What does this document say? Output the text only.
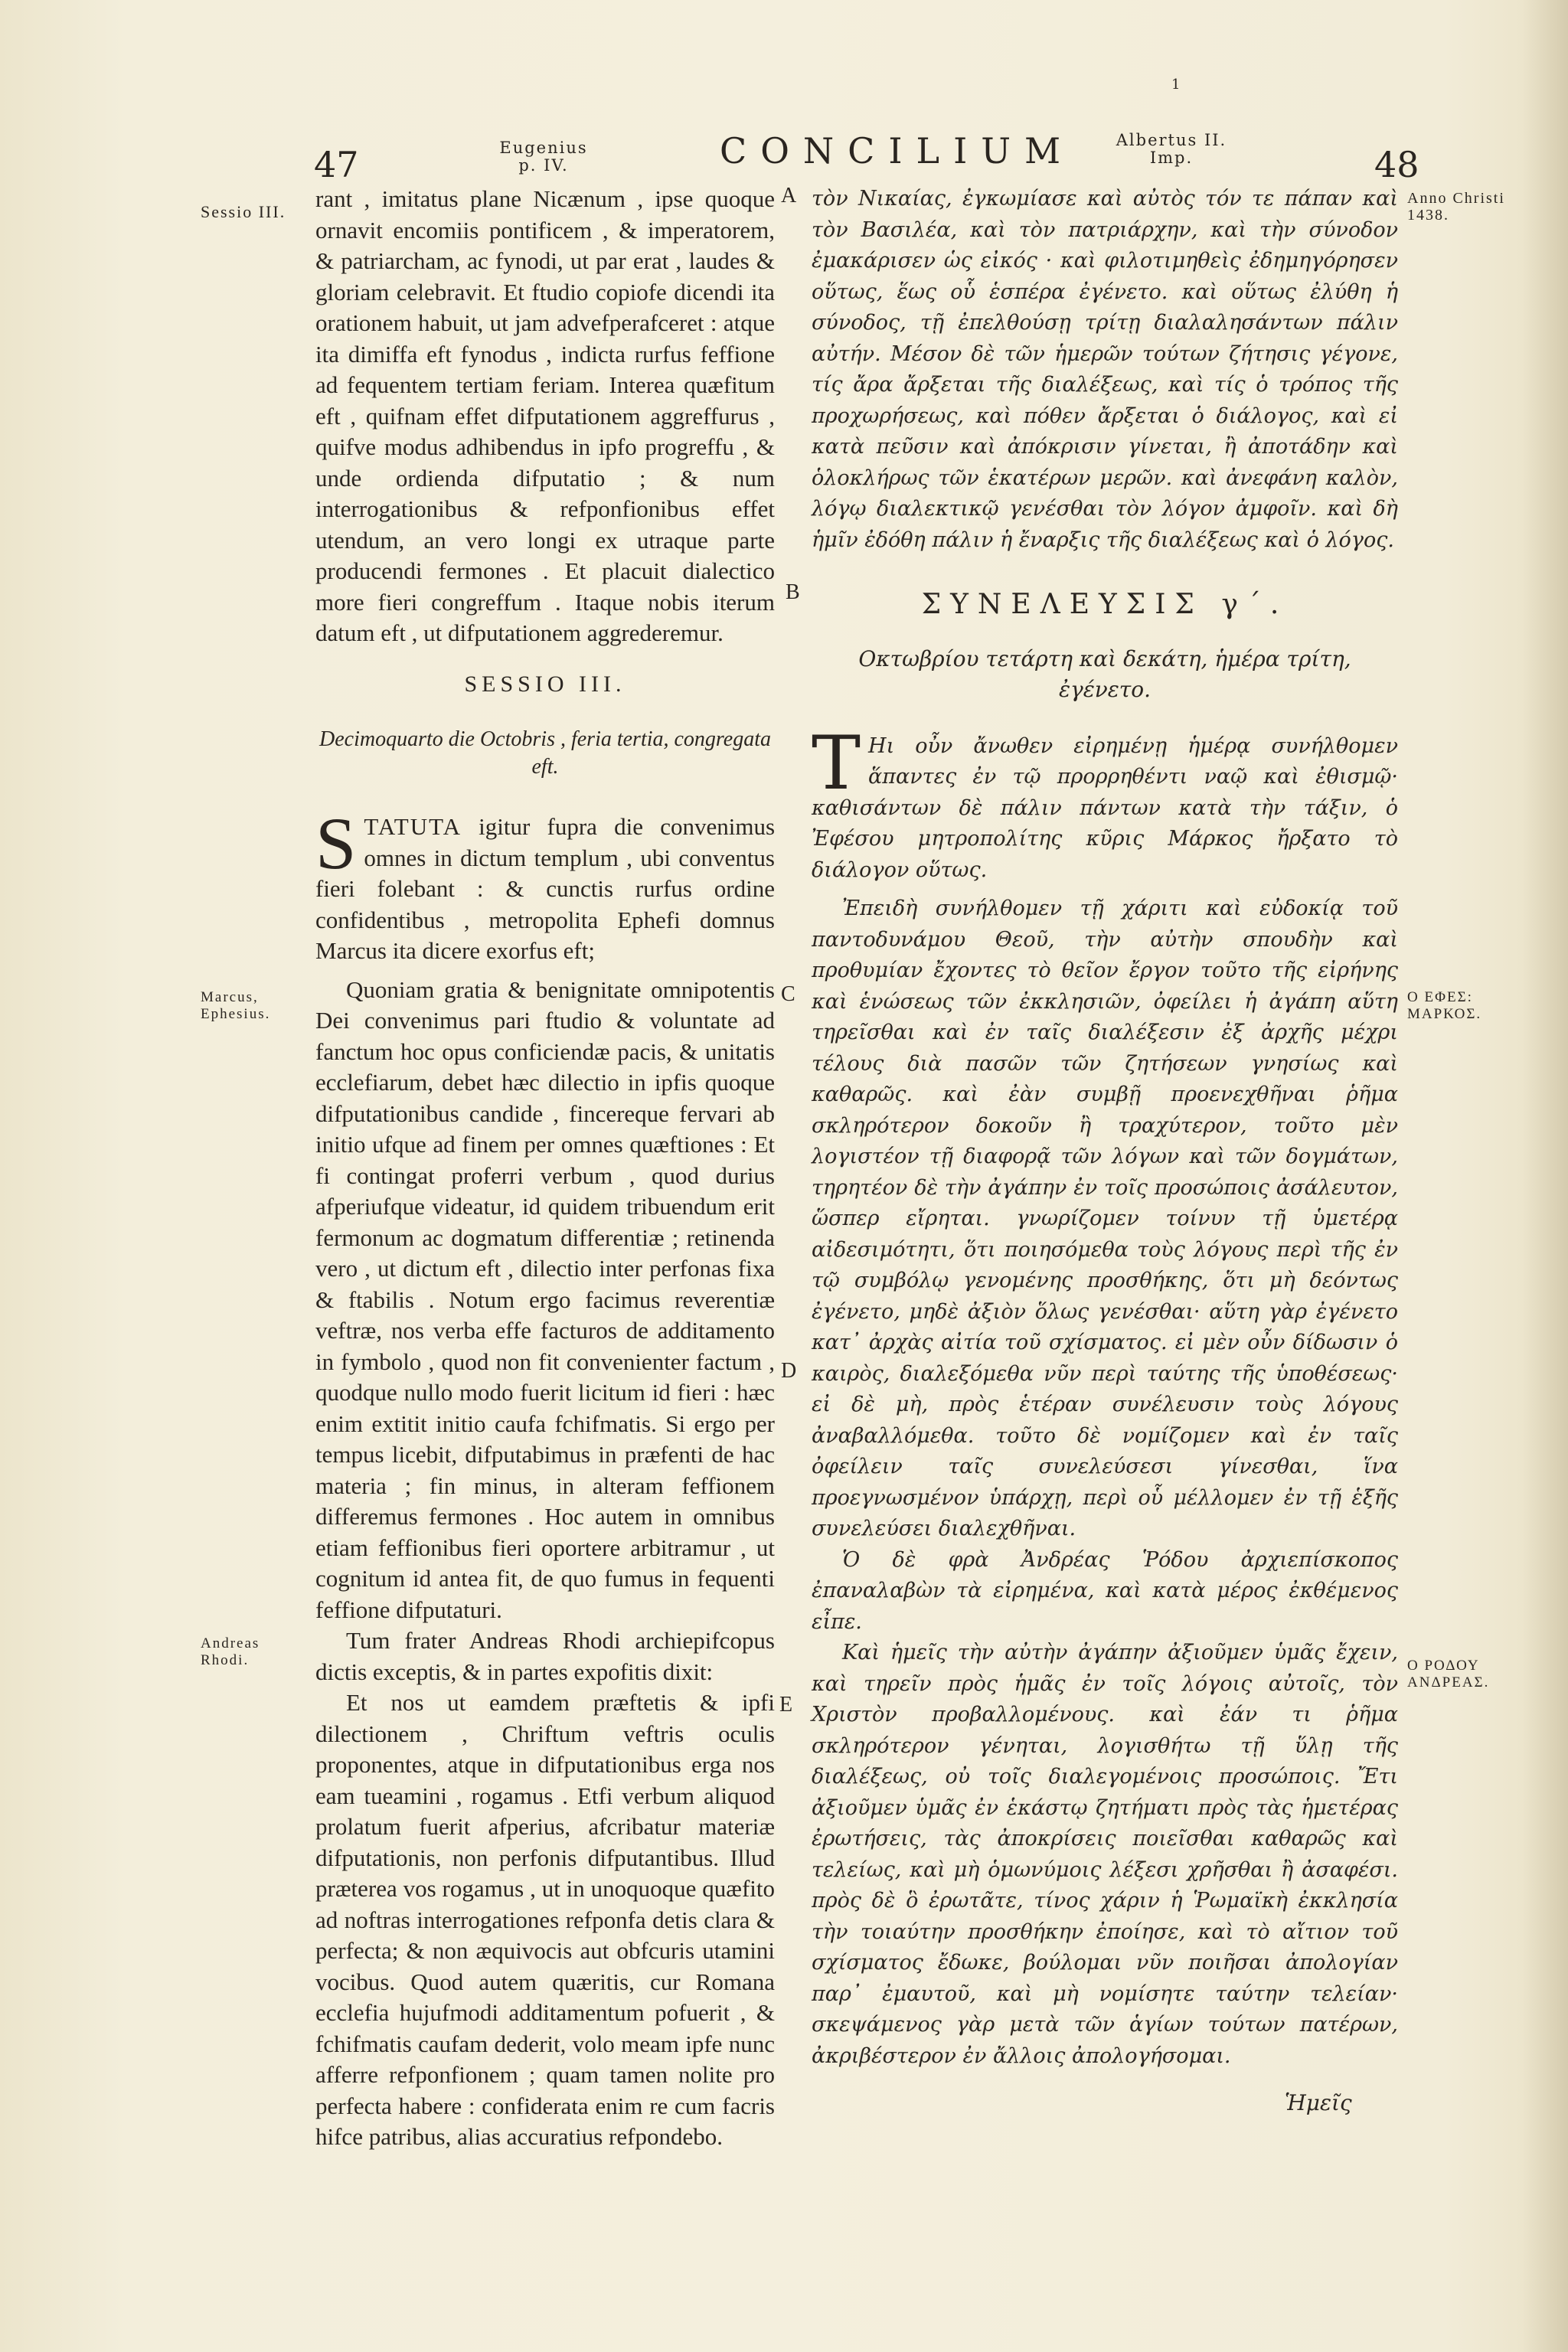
47	Eugenius p. IV.	CONCILIUM	Albertus II. Imp.	48
1
Sessio III.
Marcus, Ephesius.
Andreas Rhodi.
Anno Christi 1438.
Ο ΕΦΕΣ: ΜΑΡΚΟΣ.
Ο ΡΟΔΟΥ ΑΝΔΡΕΑΣ.
A
B
C
D
E

rant , imitatus plane Nicænum , ipse quoque ornavit encomiis pontificem , & imperatorem, & patriarcham, ac fynodi, ut par erat , laudes & gloriam celebravit. Et ftudio copiofe dicendi ita orationem habuit, ut jam advefperafceret : atque ita dimiffa eft fynodus , indicta rurfus feffione ad fequentem tertiam feriam. Interea quæfitum eft , quifnam effet difputationem aggreffurus , quifve modus adhibendus in ipfo progreffu , & unde ordienda difputatio ; & num interrogationibus & refponfionibus effet utendum, an vero longi ex utraque parte producendi fermones . Et placuit dialectico more fieri congreffum . Itaque nobis iterum datum eft , ut difputationem aggrederemur.

SESSIO III.

Decimoquarto die Octobris , feria tertia, congregata eft.

STATUTA igitur fupra die convenimus omnes in dictum templum , ubi conventus fieri folebant : & cunctis rurfus ordine confidentibus , metropolita Ephefi domnus Marcus ita dicere exorfus eft;

Quoniam gratia & benignitate omnipotentis Dei convenimus pari ftudio & voluntate ad fanctum hoc opus conficiendæ pacis, & unitatis ecclefiarum, debet hæc dilectio in ipfis quoque difputationibus candide , fincereque fervari ab initio ufque ad finem per omnes quæftiones : Et fi contingat proferri verbum , quod durius afperiufque videatur, id quidem tribuendum erit fermonum ac dogmatum differentiæ ; retinenda vero , ut dictum eft , dilectio inter perfonas fixa & ftabilis . Notum ergo facimus reverentiæ veftræ, nos verba effe facturos de additamento in fymbolo , quod non fit convenienter factum , quodque nullo modo fuerit licitum id fieri : hæc enim extitit initio caufa fchifmatis. Si ergo per tempus licebit, difputabimus in præfenti de hac materia ; fin minus, in alteram feffionem differemus fermones . Hoc autem in omnibus etiam feffionibus fieri oportere arbitramur , ut cognitum id antea fit, de quo fumus in fequenti feffione difputaturi.

Tum frater Andreas Rhodi archiepifcopus dictis exceptis, & in partes expofitis dixit:

Et nos ut eamdem præftetis & ipfi dilectionem , Chriftum veftris oculis proponentes, atque in difputationibus erga nos eam tueamini , rogamus . Etfi verbum aliquod prolatum fuerit afperius, afcribatur materiæ difputationis, non perfonis difputantibus. Illud præterea vos rogamus , ut in unoquoque quæfito ad noftras interrogationes refponfa detis clara & perfecta; & non æquivocis aut obfcuris utamini vocibus. Quod autem quæritis, cur Romana ecclefia hujufmodi additamentum pofuerit , & fchifmatis caufam dederit, volo meam ipfe nunc afferre refponfionem ; quam tamen nolite pro perfecta habere : confiderata enim re cum facris hifce patribus, alias accuratius refpondebo.

τὸν Νικαίας, ἐγκωμίασε καὶ αὐτὸς τόν τε πάπαν καὶ τὸν Βασιλέα, καὶ τὸν πατριάρχην, καὶ τὴν σύνοδον ἐμακάρισεν ὡς εἰκός · καὶ φιλοτιμηθεὶς ἐδημηγόρησεν οὕτως, ἕως οὗ ἑσπέρα ἐγένετο. καὶ οὕτως ἐλύθη ἡ σύνοδος, τῇ ἐπελθούσῃ τρίτῃ διαλαλησάντων πάλιν αὐτήν. Μέσον δὲ τῶν ἡμερῶν τούτων ζήτησις γέγονε, τίς ἄρα ἄρξεται τῆς διαλέξεως, καὶ τίς ὁ τρόπος τῆς προχωρήσεως, καὶ πόθεν ἄρξεται ὁ διάλογος, καὶ εἰ κατὰ πεῦσιν καὶ ἀπόκρισιν γίνεται, ἢ ἀποτάδην καὶ ὁλοκλήρως τῶν ἑκατέρων μερῶν. καὶ ἀνεφάνη καλὸν, λόγῳ διαλεκτικῷ γενέσθαι τὸν λόγον ἀμφοῖν. καὶ δὴ ἡμῖν ἐδόθη πάλιν ἡ ἔναρξις τῆς διαλέξεως καὶ ὁ λόγος.

ΣΥΝΕΛΕΥΣΙΣ γ΄.

Οκτωβρίου τετάρτη καὶ δεκάτη, ἡμέρα τρίτη, ἐγένετο.

Τ Ηι οὖν ἄνωθεν εἰρημένῃ ἡμέρᾳ συνήλθομεν ἅπαντες ἐν τῷ προρρηθέντι ναῷ καὶ ἐθισμῷ· καθισάντων δὲ πάλιν πάντων κατὰ τὴν τάξιν, ὁ Ἐφέσου μητροπολίτης κῦρις Μάρκος ἤρξατο τὸ διάλογον οὕτως.

Ἐπειδὴ συνήλθομεν τῇ χάριτι καὶ εὐδοκίᾳ τοῦ παντοδυνάμου Θεοῦ, τὴν αὐτὴν σπουδὴν καὶ προθυμίαν ἔχοντες τὸ θεῖον ἔργον τοῦτο τῆς εἰρήνης καὶ ἑνώσεως τῶν ἐκκλησιῶν, ὀφείλει ἡ ἀγάπη αὕτη τηρεῖσθαι καὶ ἐν ταῖς διαλέξεσιν ἐξ ἀρχῆς μέχρι τέλους διὰ πασῶν τῶν ζητήσεων γνησίως καὶ καθαρῶς. καὶ ἐὰν συμβῇ προενεχθῆναι ῥῆμα σκληρότερον δοκοῦν ἢ τραχύτερον, τοῦτο μὲν λογιστέον τῇ διαφορᾷ τῶν λόγων καὶ τῶν δογμάτων, τηρητέον δὲ τὴν ἀγάπην ἐν τοῖς προσώποις ἀσάλευτον, ὥσπερ εἴρηται. γνωρίζομεν τοίνυν τῇ ὑμετέρᾳ αἰδεσιμότητι, ὅτι ποιησόμεθα τοὺς λόγους περὶ τῆς ἐν τῷ συμβόλῳ γενομένης προσθήκης, ὅτι μὴ δεόντως ἐγένετο, μηδὲ ἀξιὸν ὅλως γενέσθαι· αὕτη γὰρ ἐγένετο κατ᾿ ἀρχὰς αἰτία τοῦ σχίσματος. εἰ μὲν οὖν δίδωσιν ὁ καιρὸς, διαλεξόμεθα νῦν περὶ ταύτης τῆς ὑποθέσεως· εἰ δὲ μὴ, πρὸς ἑτέραν συνέλευσιν τοὺς λόγους ἀναβαλλόμεθα. τοῦτο δὲ νομίζομεν καὶ ἐν ταῖς ὀφείλειν ταῖς συνελεύσεσι γίνεσθαι, ἵνα προεγνωσμένον ὑπάρχῃ, περὶ οὗ μέλλομεν ἐν τῇ ἑξῆς συνελεύσει διαλεχθῆναι.

Ὁ δὲ φρὰ Ἀνδρέας Ῥόδου ἀρχιεπίσκοπος ἐπαναλαβὼν τὰ εἰρημένα, καὶ κατὰ μέρος ἐκθέμενος εἶπε.

Καὶ ἡμεῖς τὴν αὐτὴν ἀγάπην ἀξιοῦμεν ὑμᾶς ἔχειν, καὶ τηρεῖν πρὸς ἡμᾶς ἐν τοῖς λόγοις αὐτοῖς, τὸν Χριστὸν προβαλλομένους. καὶ ἐάν τι ῥῆμα σκληρότερον γένηται, λογισθήτω τῇ ὕλῃ τῆς διαλέξεως, οὐ τοῖς διαλεγομένοις προσώποις. Ἔτι ἀξιοῦμεν ὑμᾶς ἐν ἑκάστῳ ζητήματι πρὸς τὰς ἡμετέρας ἐρωτήσεις, τὰς ἀποκρίσεις ποιεῖσθαι καθαρῶς καὶ τελείως, καὶ μὴ ὁμωνύμοις λέξεσι χρῆσθαι ἢ ἀσαφέσι. πρὸς δὲ ὃ ἐρωτᾶτε, τίνος χάριν ἡ Ῥωμαϊκὴ ἐκκλησία τὴν τοιαύτην προσθήκην ἐποίησε, καὶ τὸ αἴτιον τοῦ σχίσματος ἔδωκε, βούλομαι νῦν ποιῆσαι ἀπολογίαν παρ᾿ ἐμαυτοῦ, καὶ μὴ νομίσητε ταύτην τελείαν· σκεψάμενος γὰρ μετὰ τῶν ἁγίων τούτων πατέρων, ἀκριβέστερον ἐν ἄλλοις ἀπολογήσομαι.

Ἡμεῖς
